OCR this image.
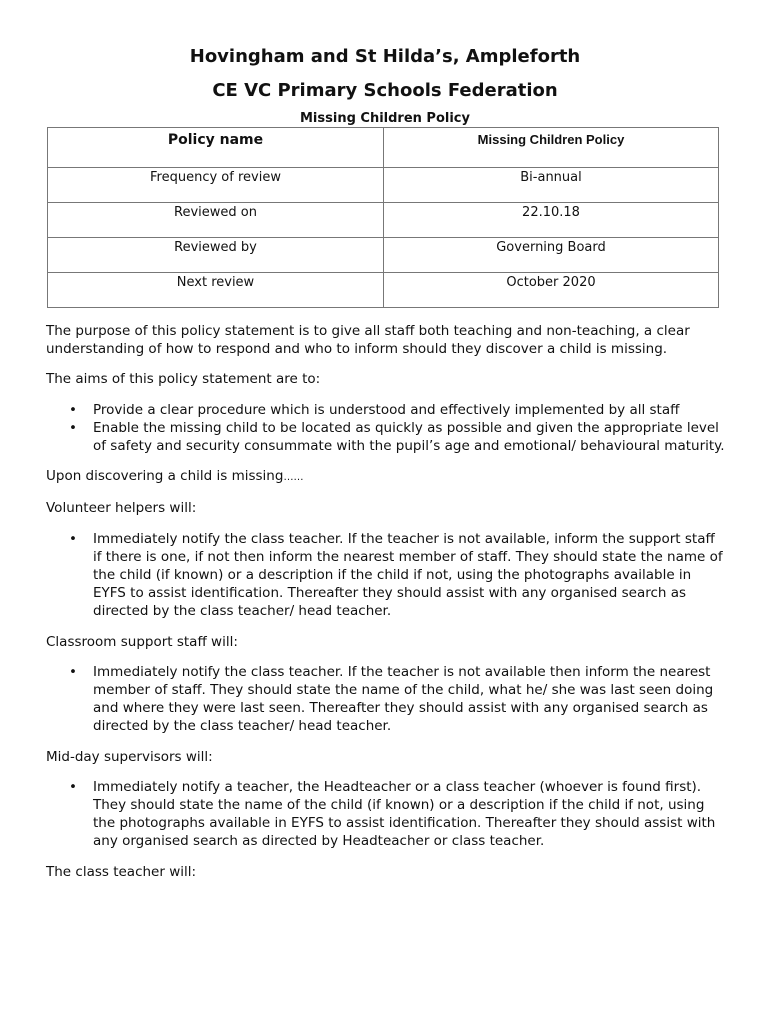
Hovingham and St Hilda’s, Ampleforth
CE VC Primary Schools Federation
Missing Children Policy
Policy name	Missing Children Policy
Frequency of review	Bi-annual
Reviewed on	22.10.18
Reviewed by	Governing Board
Next review	October 2020

The purpose of this policy statement is to give all staff both teaching and non-teaching, a clear understanding of how to respond and who to inform should they discover a child is missing.

The aims of this policy statement are to:

• Provide a clear procedure which is understood and effectively implemented by all staff
• Enable the missing child to be located as quickly as possible and given the appropriate level of safety and security consummate with the pupil’s age and emotional/ behavioural maturity.

Upon discovering a child is missing……

Volunteer helpers will:

• Immediately notify the class teacher. If the teacher is not available, inform the support staff if there is one, if not then inform the nearest member of staff. They should state the name of the child (if known) or a description if the child if not, using the photographs available in EYFS to assist identification. Thereafter they should assist with any organised search as directed by the class teacher/ head teacher.

Classroom support staff will:

• Immediately notify the class teacher. If the teacher is not available then inform the nearest member of staff. They should state the name of the child, what he/ she was last seen doing and where they were last seen. Thereafter they should assist with any organised search as directed by the class teacher/ head teacher.

Mid-day supervisors will:

• Immediately notify a teacher, the Headteacher or a class teacher (whoever is found first). They should state the name of the child (if known) or a description if the child if not, using the photographs available in EYFS to assist identification. Thereafter they should assist with any organised search as directed by Headteacher or class teacher.

The class teacher will:
